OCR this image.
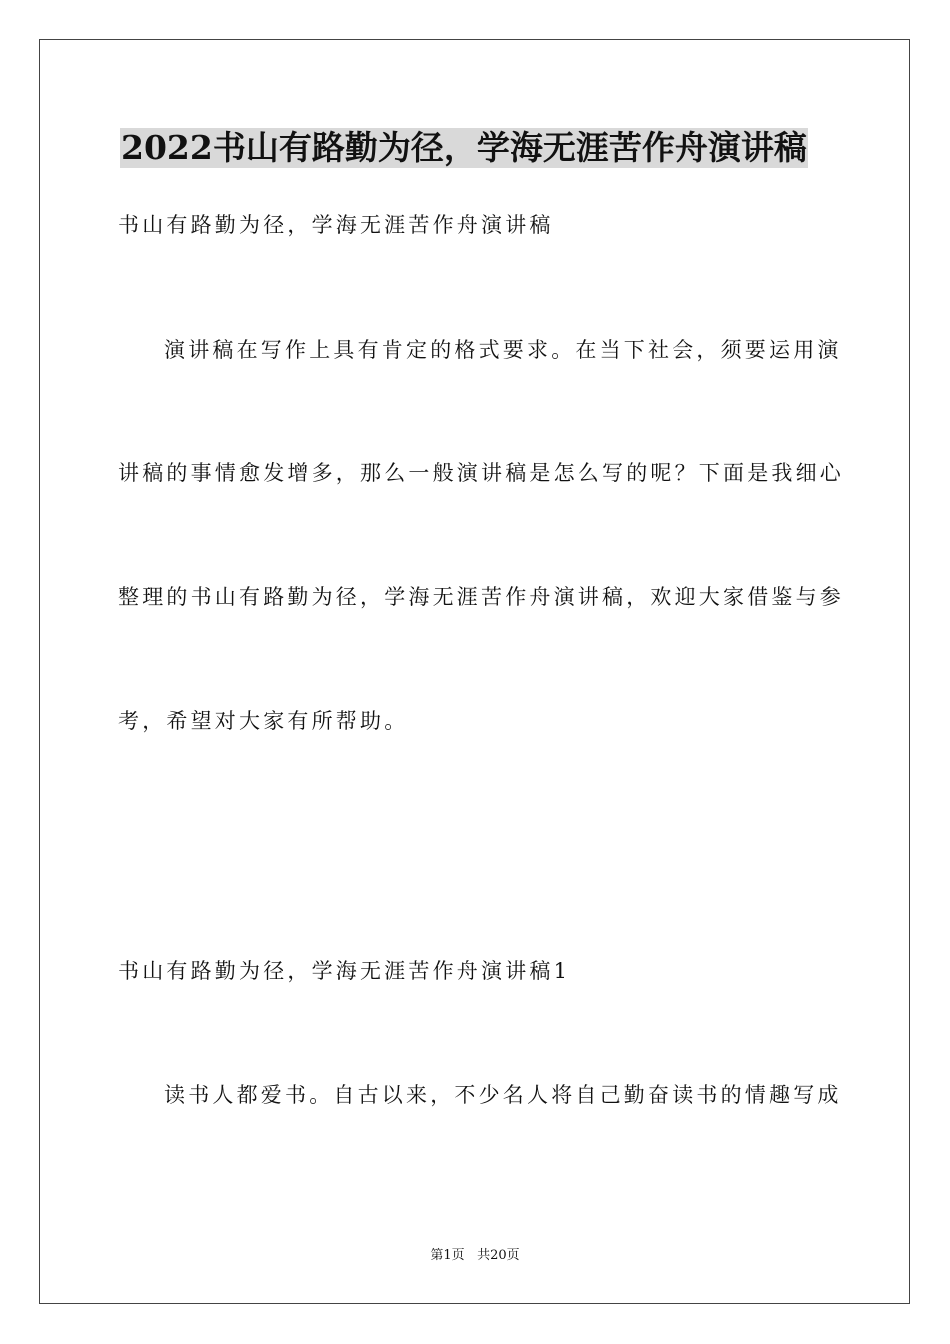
2022书山有路勤为径，学海无涯苦作舟演讲稿
书山有路勤为径，学海无涯苦作舟演讲稿
演讲稿在写作上具有肯定的格式要求。在当下社会，须要运用演
讲稿的事情愈发增多，那么一般演讲稿是怎么写的呢？下面是我细心
整理的书山有路勤为径，学海无涯苦作舟演讲稿，欢迎大家借鉴与参
考，希望对大家有所帮助。
书山有路勤为径，学海无涯苦作舟演讲稿1
读书人都爱书。自古以来，不少名人将自己勤奋读书的情趣写成
第1页 共20页
